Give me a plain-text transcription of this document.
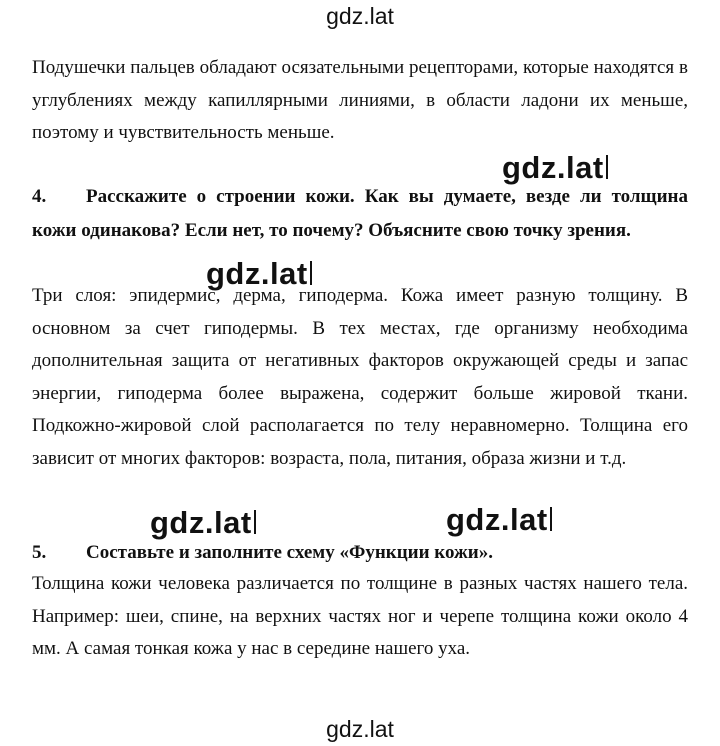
gdz.lat

Подушечки пальцев обладают осязательными рецепторами, которые находятся в углублениях между капиллярными линиями, в области ладони их меньше, поэтому и чувствительность меньше.

4. Расскажите о строении кожи. Как вы думаете, везде ли толщина кожи одинакова? Если нет, то почему? Объясните свою точку зрения.

Три слоя: эпидермис, дерма, гиподерма. Кожа имеет разную толщину. В основном за счет гиподермы. В тех местах, где организму необходима дополнительная защита от негативных факторов окружающей среды и запас энергии, гиподерма более выражена, содержит больше жировой ткани. Подкожно-жировой слой располагается по телу неравномерно. Толщина его зависит от многих факторов: возраста, пола, питания, образа жизни и т.д.

5. Составьте и заполните схему «Функции кожи».

Толщина кожи человека различается по толщине в разных частях нашего тела. Например: шеи, спине, на верхних частях ног и черепе толщина кожи около 4 мм. А самая тонкая кожа у нас в середине нашего уха.

gdz.lat
gdz.lat
gdz.lat	gdz.lat
gdz.lat
